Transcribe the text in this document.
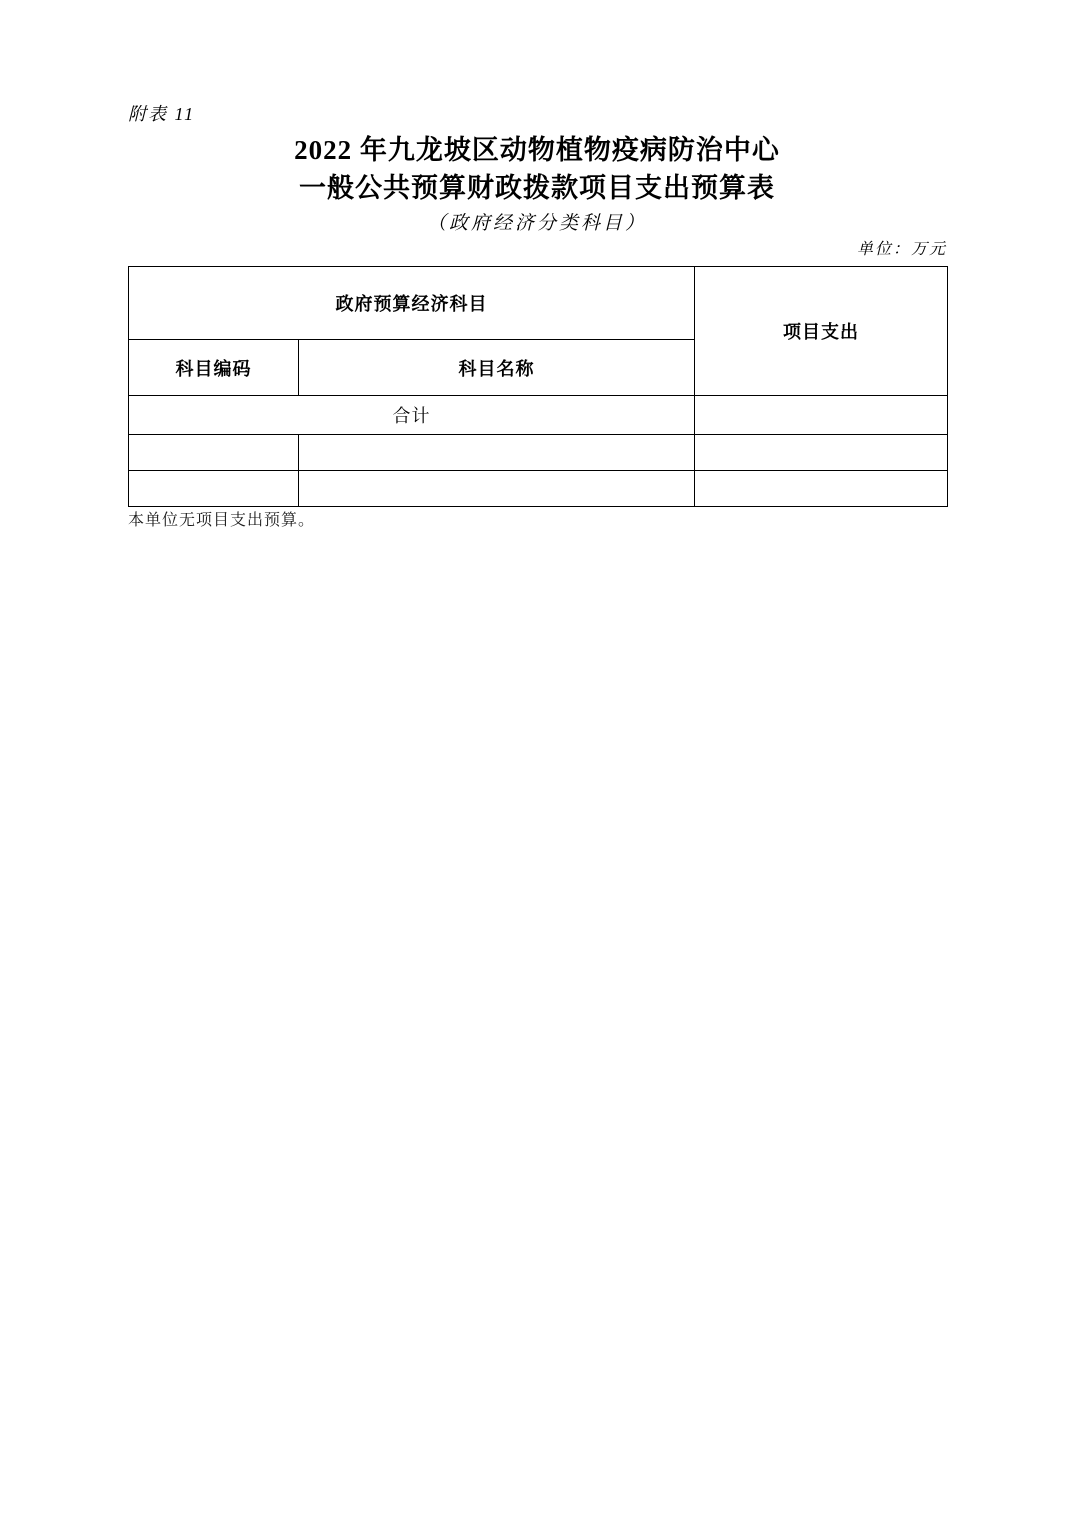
附表 11
2022 年九龙坡区动物植物疫病防治中心
一般公共预算财政拨款项目支出预算表
（政府经济分类科目）
单位：万元
政府预算经济科目		项目支出
科目编码	科目名称	
合计		

本单位无项目支出预算。
